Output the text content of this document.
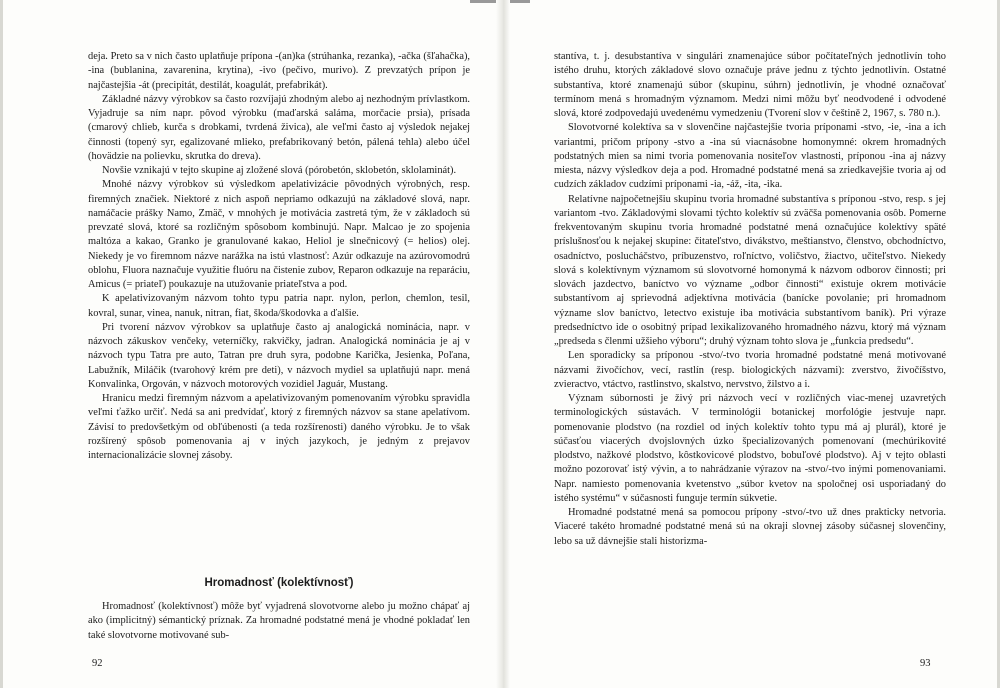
deja. Preto sa v nich často uplatňuje prípona -(an)ka (strúhanka, rezanka), -ačka (šľahačka), -ina (bublanina, zavarenina, krytina), -ivo (pečivo, murivo). Z prevzatých prípon je najčastejšia -át (precipitát, destilát, koagulát, prefabrikát).

Základné názvy výrobkov sa často rozvíjajú zhodným alebo aj nezhodným prívlastkom. Vyjadruje sa ním napr. pôvod výrobku (maďarská saláma, morčacie prsia), prísada (cmarový chlieb, kurča s drobkami, tvrdená živica), ale veľmi často aj výsledok nejakej činnosti (topený syr, egalizované mlieko, prefabrikovaný betón, pálená tehla) alebo účel (hovädzie na polievku, skrutka do dreva).

Novšie vznikajú v tejto skupine aj zložené slová (pórobetón, sklobetón, sklolaminát).

Mnohé názvy výrobkov sú výsledkom apelativizácie pôvodných výrobných, resp. firemných značiek. Niektoré z nich aspoň nepriamo odkazujú na základové slová, napr. namáčacie prášky Namo, Zmäč, v mnohých je motivácia zastretá tým, že v základoch sú prevzaté slová, ktoré sa rozličným spôsobom kombinujú. Napr. Malcao je zo spojenia maltóza a kakao, Granko je granulované kakao, Heliol je slnečnicový (= helios) olej. Niekedy je vo firemnom názve narážka na istú vlastnosť: Azúr odkazuje na azúrovomodrú oblohu, Fluora naznačuje využitie fluóru na čistenie zubov, Reparon odkazuje na reparáciu, Amicus (= priateľ) poukazuje na utužovanie priateľstva a pod.

K apelativizovaným názvom tohto typu patria napr. nylon, perlon, chemlon, tesil, kovral, sunar, vinea, nanuk, nitran, fiat, škoda/škodovka a ďalšie.

Pri tvorení názvov výrobkov sa uplatňuje často aj analogická nominácia, napr. v názvoch zákuskov venčeky, veterníčky, rakvičky, jadran. Analogická nominácia je aj v názvoch typu Tatra pre auto, Tatran pre druh syra, podobne Karička, Jesienka, Poľana, Labužník, Miláčik (tvarohový krém pre deti), v názvoch mydiel sa uplatňujú napr. mená Konvalinka, Orgován, v názvoch motorových vozidiel Jaguár, Mustang.

Hranicu medzi firemným názvom a apelativizovaným pomenovaním výrobku spravidla veľmi ťažko určiť. Nedá sa ani predvídať, ktorý z firemných názvov sa stane apelatívom. Závisí to predovšetkým od obľúbenosti (a teda rozšírenosti) daného výrobku. Je to však rozšírený spôsob pomenovania aj v iných jazykoch, je jedným z prejavov internacionalizácie slovnej zásoby.

Hromadnosť (kolektívnosť)

Hromadnosť (kolektívnosť) môže byť vyjadrená slovotvorne alebo ju možno chápať aj ako (implicitný) sémantický príznak. Za hromadné podstatné mená je vhodné pokladať len také slovotvorne motivované sub-

92

stantíva, t. j. desubstantíva v singulári znamenajúce súbor počítateľných jednotlivín toho istého druhu, ktorých základové slovo označuje práve jednu z týchto jednotlivín. Ostatné substantíva, ktoré znamenajú súbor (skupinu, súhrn) jednotlivín, je vhodné označovať termínom mená s hromadným významom. Medzi nimi môžu byť neodvodené i odvodené slová, ktoré zodpovedajú uvedenému vymedzeniu (Tvorení slov v češtině 2, 1967, s. 780 n.).

Slovotvorné kolektíva sa v slovenčine najčastejšie tvoria príponami -stvo, -ie, -ina a ich variantmi, pričom prípony -stvo a -ina sú viacnásobne homonymné: okrem hromadných podstatných mien sa nimi tvoria pomenovania nositeľov vlastnosti, príponou -ina aj názvy miesta, názvy výsledkov deja a pod. Hromadné podstatné mená sa zriedkavejšie tvoria aj od cudzích základov cudzími príponami -ia, -áž, -ita, -ika.

Relatívne najpočetnejšiu skupinu tvoria hromadné substantíva s príponou -stvo, resp. s jej variantom -tvo. Základovými slovami týchto kolektív sú zväčša pomenovania osôb. Pomerne frekventovaným skupinu tvoria hromadné podstatné mená označujúce kolektívy späté príslušnosťou k nejakej skupine: čitateľstvo, divákstvo, meštianstvo, členstvo, obchodníctvo, osadníctvo, poslucháčstvo, príbuzenstvo, roľníctvo, voličstvo, žiactvo, učiteľstvo. Niekedy slová s kolektívnym významom sú slovotvorné homonymá k názvom odborov činnosti; pri slovách jazdectvo, baníctvo vo význame „odbor činnosti“ existuje okrem motivácie substantívom aj sprievodná adjektívna motivácia (banícke povolanie; pri hromadnom význame slov baníctvo, letectvo existuje iba motivácia substantívom baník). Pri výraze predsedníctvo ide o osobitný prípad lexikalizovaného hromadného názvu, ktorý má význam „predseda s členmi užšieho výboru“; druhý význam tohto slova je „funkcia predsedu“.

Len sporadicky sa príponou -stvo/-tvo tvoria hromadné podstatné mená motivované názvami živočíchov, vecí, rastlín (resp. biologických názvami): zverstvo, živočíšstvo, zvieractvo, vtáctvo, rastlinstvo, skalstvo, nervstvo, žilstvo a i.

Význam súbornosti je živý pri názvoch vecí v rozličných viac-menej uzavretých terminologických sústavách. V terminológii botanickej morfológie jestvuje napr. pomenovanie plodstvo (na rozdiel od iných kolektív tohto typu má aj plurál), ktoré je súčasťou viacerých dvojslovných úzko špecializovaných pomenovaní (mechúrikovité plodstvo, nažkové plodstvo, kôstkovicové plodstvo, bobuľové plodstvo). Aj v tejto oblasti možno pozorovať istý vývin, a to nahrádzanie výrazov na -stvo/-tvo inými pomenovaniami. Napr. namiesto pomenovania kvetenstvo „súbor kvetov na spoločnej osi usporiadaný do istého systému“ v súčasnosti funguje termín súkvetie.

Hromadné podstatné mená sa pomocou prípony -stvo/-tvo už dnes prakticky netvoria. Viaceré takéto hromadné podstatné mená sú na okraji slovnej zásoby súčasnej slovenčiny, lebo sa už dávnejšie stali historizma-

93
